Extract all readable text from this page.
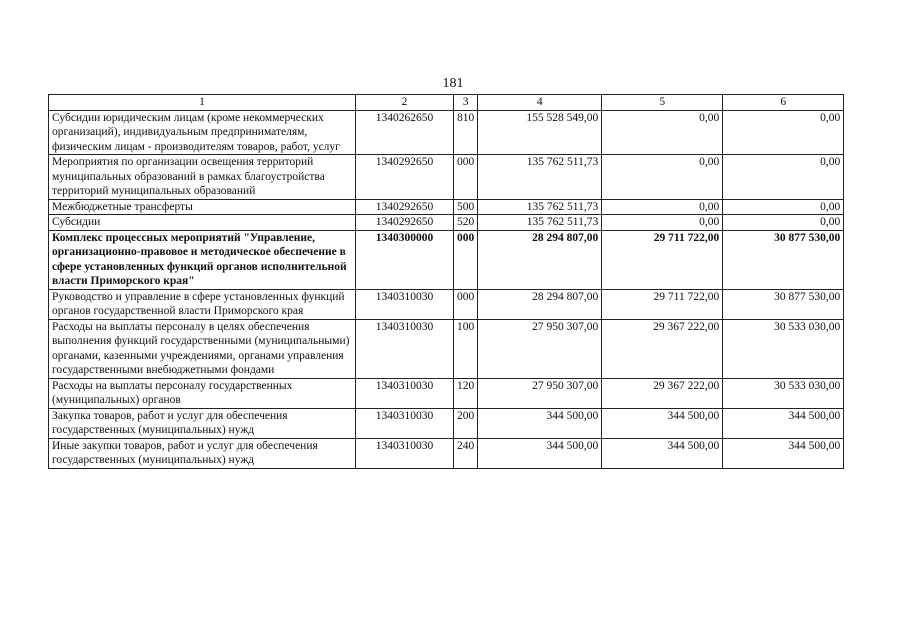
181
1	2	3	4	5	6
Субсидии юридическим лицам (кроме некоммерческих организаций), индивидуальным предпринимателям, физическим лицам - производителям товаров, работ, услуг	1340262650	810	155 528 549,00	0,00	0,00
Мероприятия по организации освещения территорий муниципальных образований в рамках благоустройства территорий муниципальных образований	1340292650	000	135 762 511,73	0,00	0,00
Межбюджетные трансферты	1340292650	500	135 762 511,73	0,00	0,00
Субсидии	1340292650	520	135 762 511,73	0,00	0,00
Комплекс процессных мероприятий "Управление, организационно-правовое и методическое обеспечение в сфере установленных функций органов исполнительной власти Приморского края"	1340300000	000	28 294 807,00	29 711 722,00	30 877 530,00
Руководство и управление в сфере установленных функций органов государственной власти Приморского края	1340310030	000	28 294 807,00	29 711 722,00	30 877 530,00
Расходы на выплаты персоналу в целях обеспечения выполнения функций государственными (муниципальными) органами, казенными учреждениями, органами управления государственными внебюджетными фондами	1340310030	100	27 950 307,00	29 367 222,00	30 533 030,00
Расходы на выплаты персоналу государственных (муниципальных) органов	1340310030	120	27 950 307,00	29 367 222,00	30 533 030,00
Закупка товаров, работ и услуг для обеспечения государственных (муниципальных) нужд	1340310030	200	344 500,00	344 500,00	344 500,00
Иные закупки товаров, работ и услуг для обеспечения государственных (муниципальных) нужд	1340310030	240	344 500,00	344 500,00	344 500,00
